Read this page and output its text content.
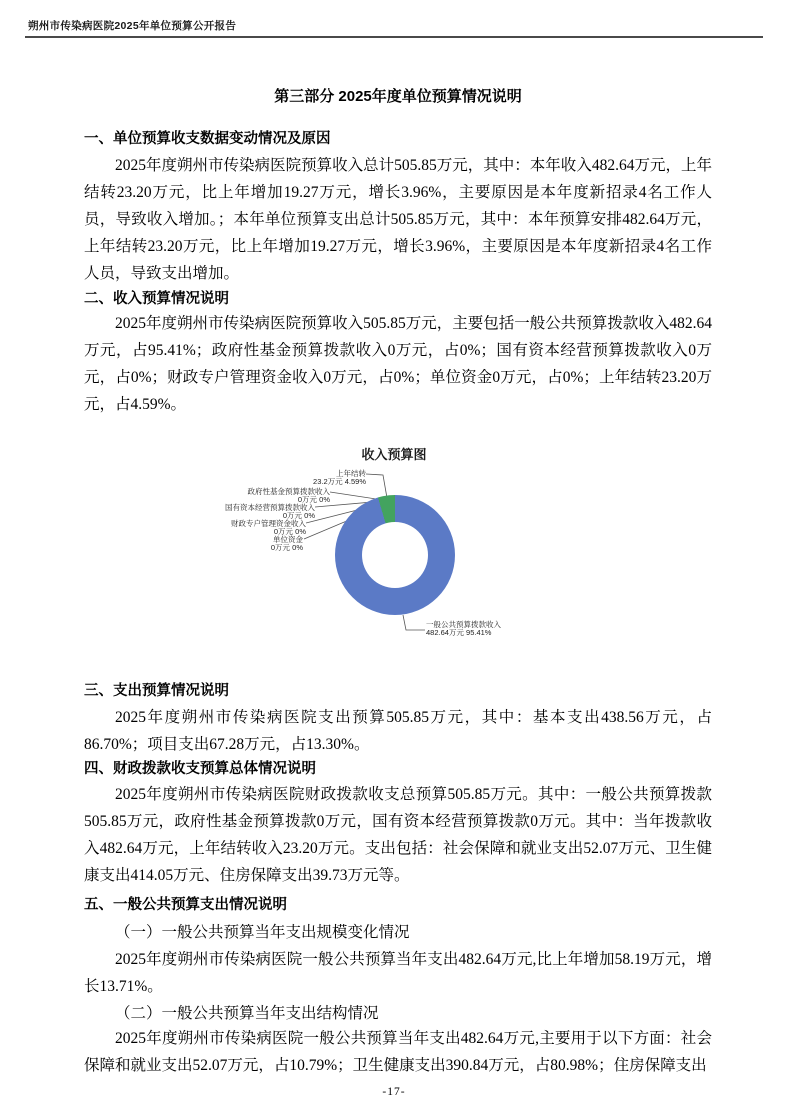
朔州市传染病医院2025年单位预算公开报告
第三部分 2025年度单位预算情况说明
一、单位预算收支数据变动情况及原因
2025年度朔州市传染病医院预算收入总计505.85万元，其中：本年收入482.64万元，上年结转23.20万元，比上年增加19.27万元，增长3.96%，主要原因是本年度新招录4名工作人员，导致收入增加。；本年单位预算支出总计505.85万元，其中：本年预算安排482.64万元，上年结转23.20万元，比上年增加19.27万元，增长3.96%，主要原因是本年度新招录4名工作人员，导致支出增加。
二、收入预算情况说明
2025年度朔州市传染病医院预算收入505.85万元，主要包括一般公共预算拨款收入482.64万元，占95.41%；政府性基金预算拨款收入0万元，占0%；国有资本经营预算拨款收入0万元，占0%；财政专户管理资金收入0万元，占0%；单位资金0万元，占0%；上年结转23.20万元，占4.59%。
收入预算图
上年结转
23.2万元 4.59%
政府性基金预算拨款收入
0万元 0%
国有资本经营预算拨款收入
0万元 0%
财政专户管理资金收入
0万元 0%
单位资金
0万元 0%
一般公共预算拨款收入
482.64万元 95.41%
三、支出预算情况说明
2025年度朔州市传染病医院支出预算505.85万元，其中：基本支出438.56万元，占86.70%；项目支出67.28万元，占13.30%。
四、财政拨款收支预算总体情况说明
2025年度朔州市传染病医院财政拨款收支总预算505.85万元。其中：一般公共预算拨款505.85万元，政府性基金预算拨款0万元，国有资本经营预算拨款0万元。其中：当年拨款收入482.64万元，上年结转收入23.20万元。支出包括：社会保障和就业支出52.07万元、卫生健康支出414.05万元、住房保障支出39.73万元等。
五、一般公共预算支出情况说明
（一）一般公共预算当年支出规模变化情况
2025年度朔州市传染病医院一般公共预算当年支出482.64万元,比上年增加58.19万元，增长13.71%。
（二）一般公共预算当年支出结构情况
2025年度朔州市传染病医院一般公共预算当年支出482.64万元,主要用于以下方面：社会保障和就业支出52.07万元，占10.79%；卫生健康支出390.84万元，占80.98%；住房保障支出
-17-
